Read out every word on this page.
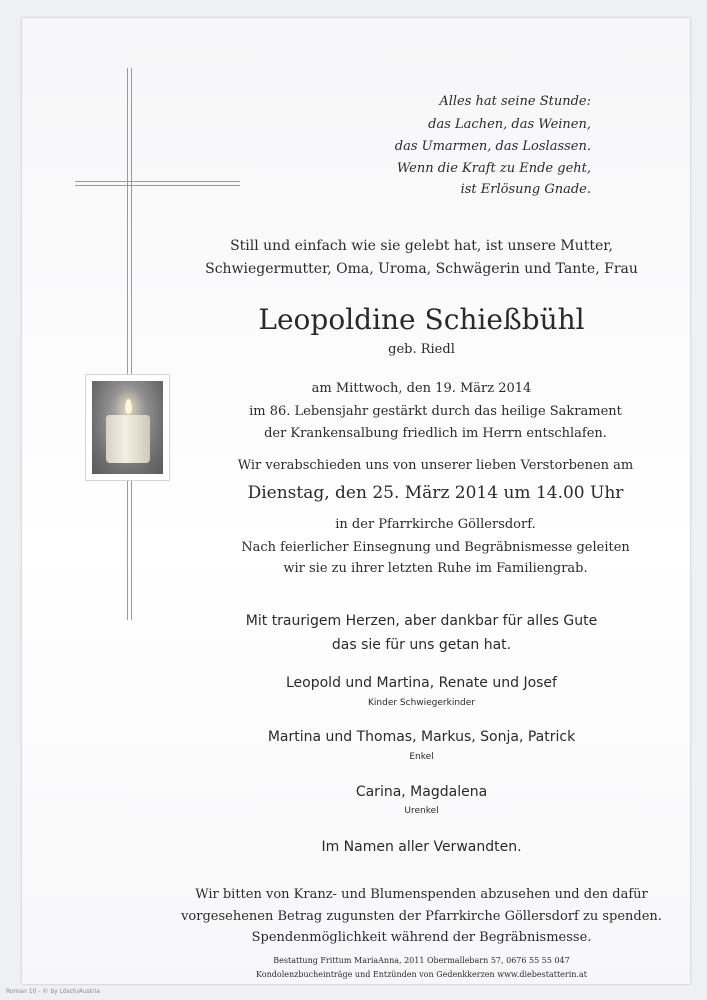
Alles hat seine Stunde:
das Lachen, das Weinen,
das Umarmen, das Loslassen.
Wenn die Kraft zu Ende geht,
ist Erlösung Gnade.
Still und einfach wie sie gelebt hat, ist unsere Mutter,
Schwiegermutter, Oma, Uroma, Schwägerin und Tante, Frau
Leopoldine Schießbühl
geb. Riedl
am Mittwoch, den 19. März 2014
im 86. Lebensjahr gestärkt durch das heilige Sakrament
der Krankensalbung friedlich im Herrn entschlafen.
Wir verabschieden uns von unserer lieben Verstorbenen am
Dienstag, den 25. März 2014 um 14.00 Uhr
in der Pfarrkirche Göllersdorf.
Nach feierlicher Einsegnung und Begräbnismesse geleiten
wir sie zu ihrer letzten Ruhe im Familiengrab.
Mit traurigem Herzen, aber dankbar für alles Gute
das sie für uns getan hat.
Leopold und Martina, Renate und Josef
Kinder Schwiegerkinder
Martina und Thomas, Markus, Sonja, Patrick
Enkel
Carina, Magdalena
Urenkel
Im Namen aller Verwandten.
Wir bitten von Kranz- und Blumenspenden abzusehen und den dafür
vorgesehenen Betrag zugunsten der Pfarrkirche Göllersdorf zu spenden.
Spendenmöglichkeit während der Begräbnismesse.
Bestattung Frittum MariaAnna, 2011 Obermallebarn 57, 0676 55 55 047
Kondolenzbucheinträge und Entzünden von Gedenkkerzen www.diebestatterin.at
Roman 10 - © by Lösch/Austria
